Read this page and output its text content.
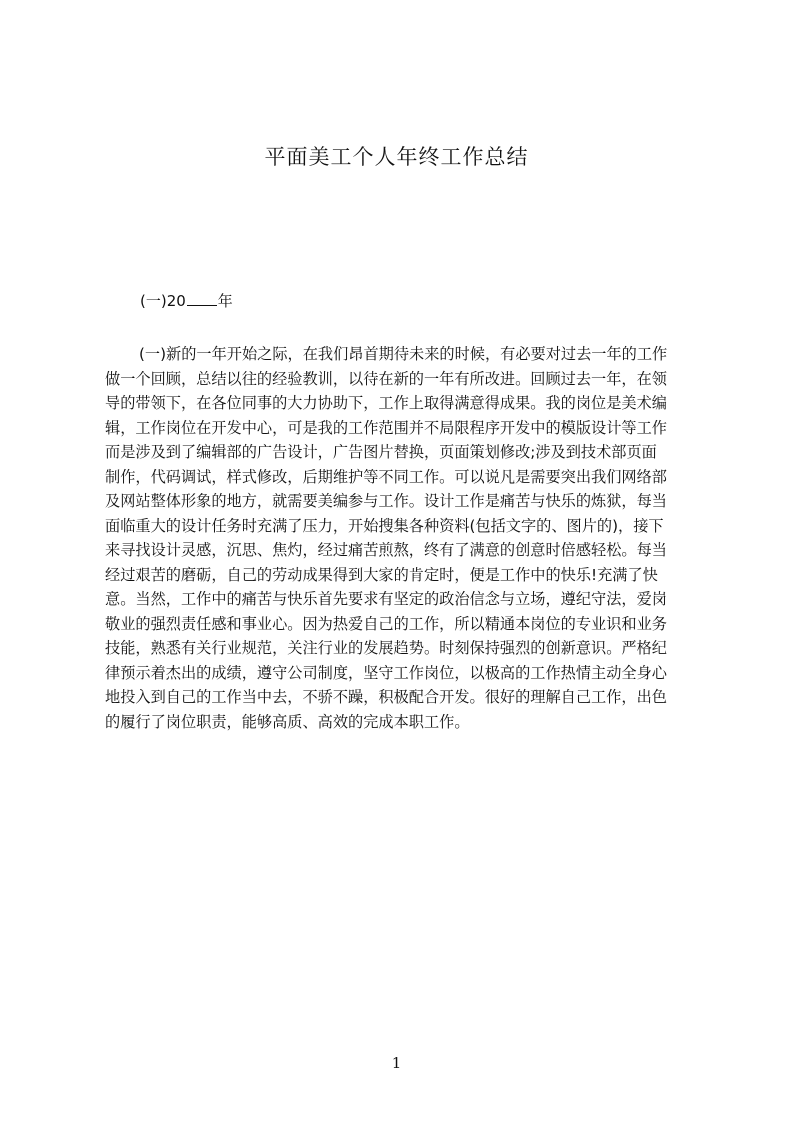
平面美工个人年终工作总结
(一)20 年
(一)新的一年开始之际，在我们昂首期待未来的时候，有必要对过去一年的工作
做一个回顾，总结以往的经验教训，以待在新的一年有所改进。回顾过去一年，在领
导的带领下，在各位同事的大力协助下，工作上取得满意得成果。我的岗位是美术编
辑，工作岗位在开发中心，可是我的工作范围并不局限程序开发中的模版设计等工作
而是涉及到了编辑部的广告设计，广告图片替换，页面策划修改;涉及到技术部页面
制作，代码调试，样式修改，后期维护等不同工作。可以说凡是需要突出我们网络部
及网站整体形象的地方，就需要美编参与工作。设计工作是痛苦与快乐的炼狱，每当
面临重大的设计任务时充满了压力，开始搜集各种资料(包括文字的、图片的)，接下
来寻找设计灵感，沉思、焦灼，经过痛苦煎熬，终有了满意的创意时倍感轻松。每当
经过艰苦的磨砺，自己的劳动成果得到大家的肯定时，便是工作中的快乐!充满了快
意。当然，工作中的痛苦与快乐首先要求有坚定的政治信念与立场，遵纪守法，爱岗
敬业的强烈责任感和事业心。因为热爱自己的工作，所以精通本岗位的专业识和业务
技能，熟悉有关行业规范，关注行业的发展趋势。时刻保持强烈的创新意识。严格纪
律预示着杰出的成绩，遵守公司制度，坚守工作岗位，以极高的工作热情主动全身心
地投入到自己的工作当中去，不骄不躁，积极配合开发。很好的理解自己工作，出色
的履行了岗位职责，能够高质、高效的完成本职工作。
1
